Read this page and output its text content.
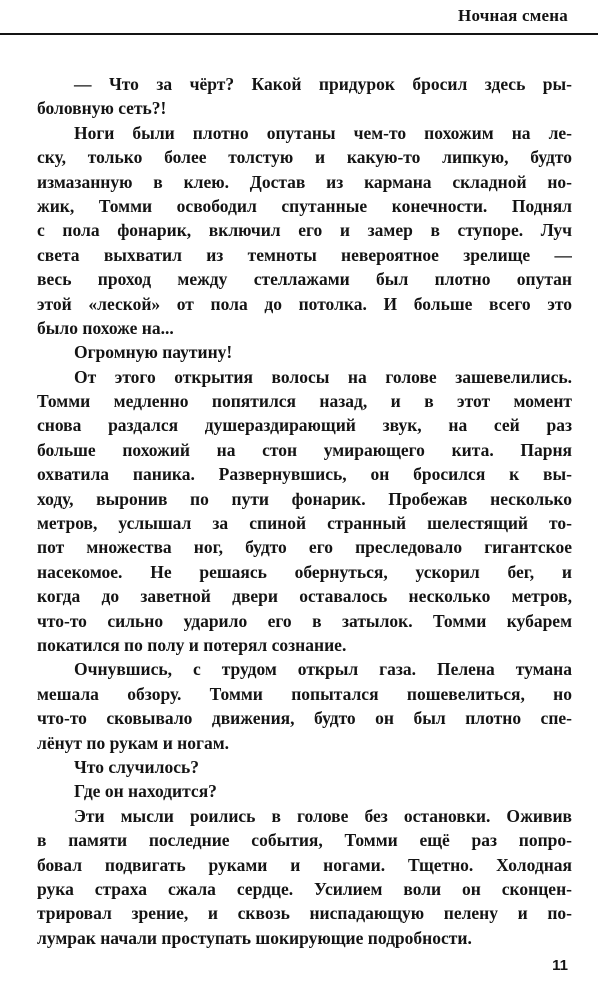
Ночная смена
— Что за чёрт? Какой придурок бросил здесь ры-
боловную сеть?!
Ноги были плотно опутаны чем-то похожим на ле-
ску, только более толстую и какую-то липкую, будто
измазанную в клею. Достав из кармана складной но-
жик, Томми освободил спутанные конечности. Поднял
с пола фонарик, включил его и замер в ступоре. Луч
света выхватил из темноты невероятное зрелище —
весь проход между стеллажами был плотно опутан
этой «леской» от пола до потолка. И больше всего это
было похоже на...
Огромную паутину!
От этого открытия волосы на голове зашевелились.
Томми медленно попятился назад, и в этот момент
снова раздался душераздирающий звук, на сей раз
больше похожий на стон умирающего кита. Парня
охватила паника. Развернувшись, он бросился к вы-
ходу, выронив по пути фонарик. Пробежав несколько
метров, услышал за спиной странный шелестящий то-
пот множества ног, будто его преследовало гигантское
насекомое. Не решаясь обернуться, ускорил бег, и
когда до заветной двери оставалось несколько метров,
что-то сильно ударило его в затылок. Томми кубарем
покатился по полу и потерял сознание.
Очнувшись, с трудом открыл газа. Пелена тумана
мешала обзору. Томми попытался пошевелиться, но
что-то сковывало движения, будто он был плотно спе-
лёнут по рукам и ногам.
Что случилось?
Где он находится?
Эти мысли роились в голове без остановки. Оживив
в памяти последние события, Томми ещё раз попро-
бовал подвигать руками и ногами. Тщетно. Холодная
рука страха сжала сердце. Усилием воли он сконцен-
трировал зрение, и сквозь ниспадающую пелену и по-
лумрак начали проступать шокирующие подробности.
11
